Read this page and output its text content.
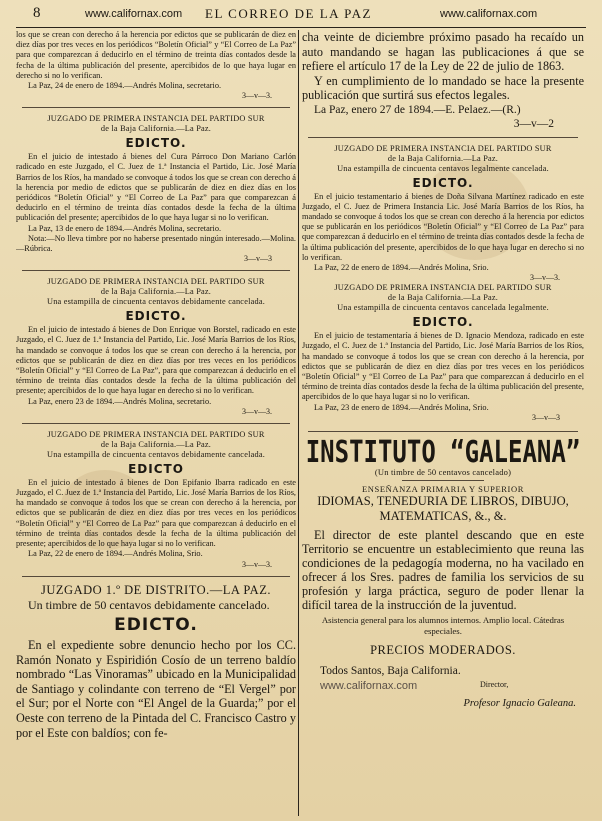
8	www.californax.com EL CORREO DE LA PAZ	www.californax.com

los que se crean con derecho á la herencia por edictos que se publicarán de diez en diez días por tres veces en los periódicos “Boletín Oficial” y “El Correo de La Paz” para que comparezcan á deducirlo en el término de treinta días contados desde la fecha de la última publicación del presente, apercibidos de lo que haya lugar en derecho si no lo verifican.

La Paz, 24 de enero de 1894.—Andrés Molina, secretario.

3—v—3.

JUZGADO DE PRIMERA INSTANCIA DEL PARTIDO SUR

de la Baja California.—La Paz.

EDICTO.

En el juicio de intestado á bienes del Cura Párroco Don Mariano Carlón radicado en este Juzgado, el C. Juez de 1.ª Instancia el Partido, Lic. José María Barrios de los Ríos, ha mandado se convoque á todos los que se crean con derecho á la herencia por medio de edictos que se publicarán de diez en diez días en los periódicos “Boletín Oficial” y “El Correo de La Paz” para que comparezcan á deducirlo en el término de treinta días contados desde la fecha de la última publicación del presente; apercibidos de lo que haya lugar si no lo verifican.

La Paz, 13 de enero de 1894.—Andrés Molina, secretario.

Nota:—No lleva timbre por no haberse presentado ningún interesado.—Molina.—Rúbrica.

3—v—3

JUZGADO DE PRIMERA INSTANCIA DEL PARTIDO SUR

de la Baja California.—La Paz.

Una estampilla de cincuenta centavos debidamente cancelada.

EDICTO.

En el juicio de intestado á bienes de Don Enrique von Borstel, radicado en este Juzgado, el C. Juez de 1.ª Instancia del Partido, Lic. José María Barrios de los Ríos, ha mandado se convoque á todos los que se crean con derecho á la herencia, por edictos que se publicarán de diez en diez días por tres veces en los periódicos “Boletín Oficial” y “El Correo de La Paz”, para que comparezcan á deducirlo en el término de treinta días contados desde la fecha de la última publicación del presente; apercibidos de lo que haya lugar en derecho si no lo verifican.

La Paz, enero 23 de 1894.—Andrés Molina, secretario.

3—v—3.

JUZGADO DE PRIMERA INSTANCIA DEL PARTIDO SUR

de la Baja California.—La Paz.

Una estampilla de cincuenta centavos debidamente cancelada.

EDICTO

En el juicio de intestado á bienes de Don Epifanio Ibarra radicado en este Juzgado, el C. Juez de 1.ª Instancia del Partido, Lic. José María Barrios de los Ríos, ha mandado se convoque á todos los que se crean con derecho á la herencia, por edictos que se publicarán de diez en diez días por tres veces en los periódicos “Boletín Oficial” y “El Correo de La Paz” para que comparezcan á deducirlo en el término de treinta días contados desde la fecha de la última publicación del presente; apercibidos de lo que haya lugar si no lo verifican.

La Paz, 22 de enero de 1894.—Andrés Molina, Srio.

3—v—3.

JUZGADO 1.º DE DISTRITO.—LA PAZ.

Un timbre de 50 centavos debidamente cancelado.

EDICTO.

En el expediente sobre denuncio hecho por los CC. Ramón Nonato y Espiridión Cosío de un terreno baldío nombrado “Las Vinoramas” ubicado en la Municipalidad de Santiago y colindante con terreno de “El Vergel” por el Sur; por el Norte con “El Angel de la Guarda;” por el Oeste con terreno de la Pintada del C. Francisco Castro y por el Este con baldíos; con fe-

cha veinte de diciembre próximo pasado ha recaído un auto mandando se hagan las publicaciones á que se refiere el artículo 17 de la Ley de 22 de julio de 1863.

Y en cumplimiento de lo mandado se hace la presente publicación que surtirá sus efectos legales.

La Paz, enero 27 de 1894.—E. Pelaez.—(R.)

3—v—2

JUZGADO DE PRIMERA INSTANCIA DEL PARTIDO SUR

de la Baja California.—La Paz.

Una estampilla de cincuenta centavos legalmente cancelada.

EDICTO.

En el juicio testamentario á bienes de Doña Silvana Martínez radicado en este Juzgado, el C. Juez de Primera Instancia Lic. José María Barrios de los Ríos, ha mandado se convoque á todos los que se crean con derecho á la herencia por edictos que se publicarán en los periódicos “Boletín Oficial” y “El Correo de La Paz” para que comparezcan á deducirlo en el término de treinta días contados desde la fecha de la última publicación del presente, apercibidos de lo que haya lugar en derecho si no lo verifican.

La Paz, 22 de enero de 1894.—Andrés Molina, Srio.

3—v—3.

JUZGADO DE PRIMERA INSTANCIA DEL PARTIDO SUR

de la Baja California.—La Paz.

Una estampilla de cincuenta centavos cancelada legalmente.

EDICTO.

En el juicio de testamentaría á bienes de D. Ignacio Mendoza, radicado en este Juzgado, el C. Juez de 1.ª Instancia del Partido, Lic. José María Barrios de los Ríos, ha mandado se convoque á todos los que se crean con derecho á la herencia, por edictos que se publicarán de diez en diez días por tres veces en los periódicos “Boletín Oficial” y “El Correo de La Paz” para que comparezcan á deducirlo en el término de treinta días contados desde la fecha de la última publicación del presente, apercibidos de lo que haya lugar si no lo verifican.

La Paz, 23 de enero de 1894.—Andrés Molina, Srio.

3—v—3

INSTITUTO “GALEANA”

(Un timbre de 50 centavos cancelado)

ENSEÑANZA PRIMARIA Y SUPERIOR

IDIOMAS, TENEDURIA DE LIBROS, DIBUJO, MATEMATICAS, &., &.

El director de este plantel descando que en este Territorio se encuentre un establecimiento que reuna las condiciones de la pedagogía moderna, no ha vacilado en ofrecer á los Sres. padres de familia los servicios de su profesión y larga práctica, seguro de poder llenar la difícil tarea de la instrucción de la juventud.

Asistencia general para los alumnos internos. Amplio local. Cátedras especiales.

PRECIOS MODERADOS.

Todos Santos, Baja California.

www.californax.com	Director,

Profesor Ignacio Galeana.
